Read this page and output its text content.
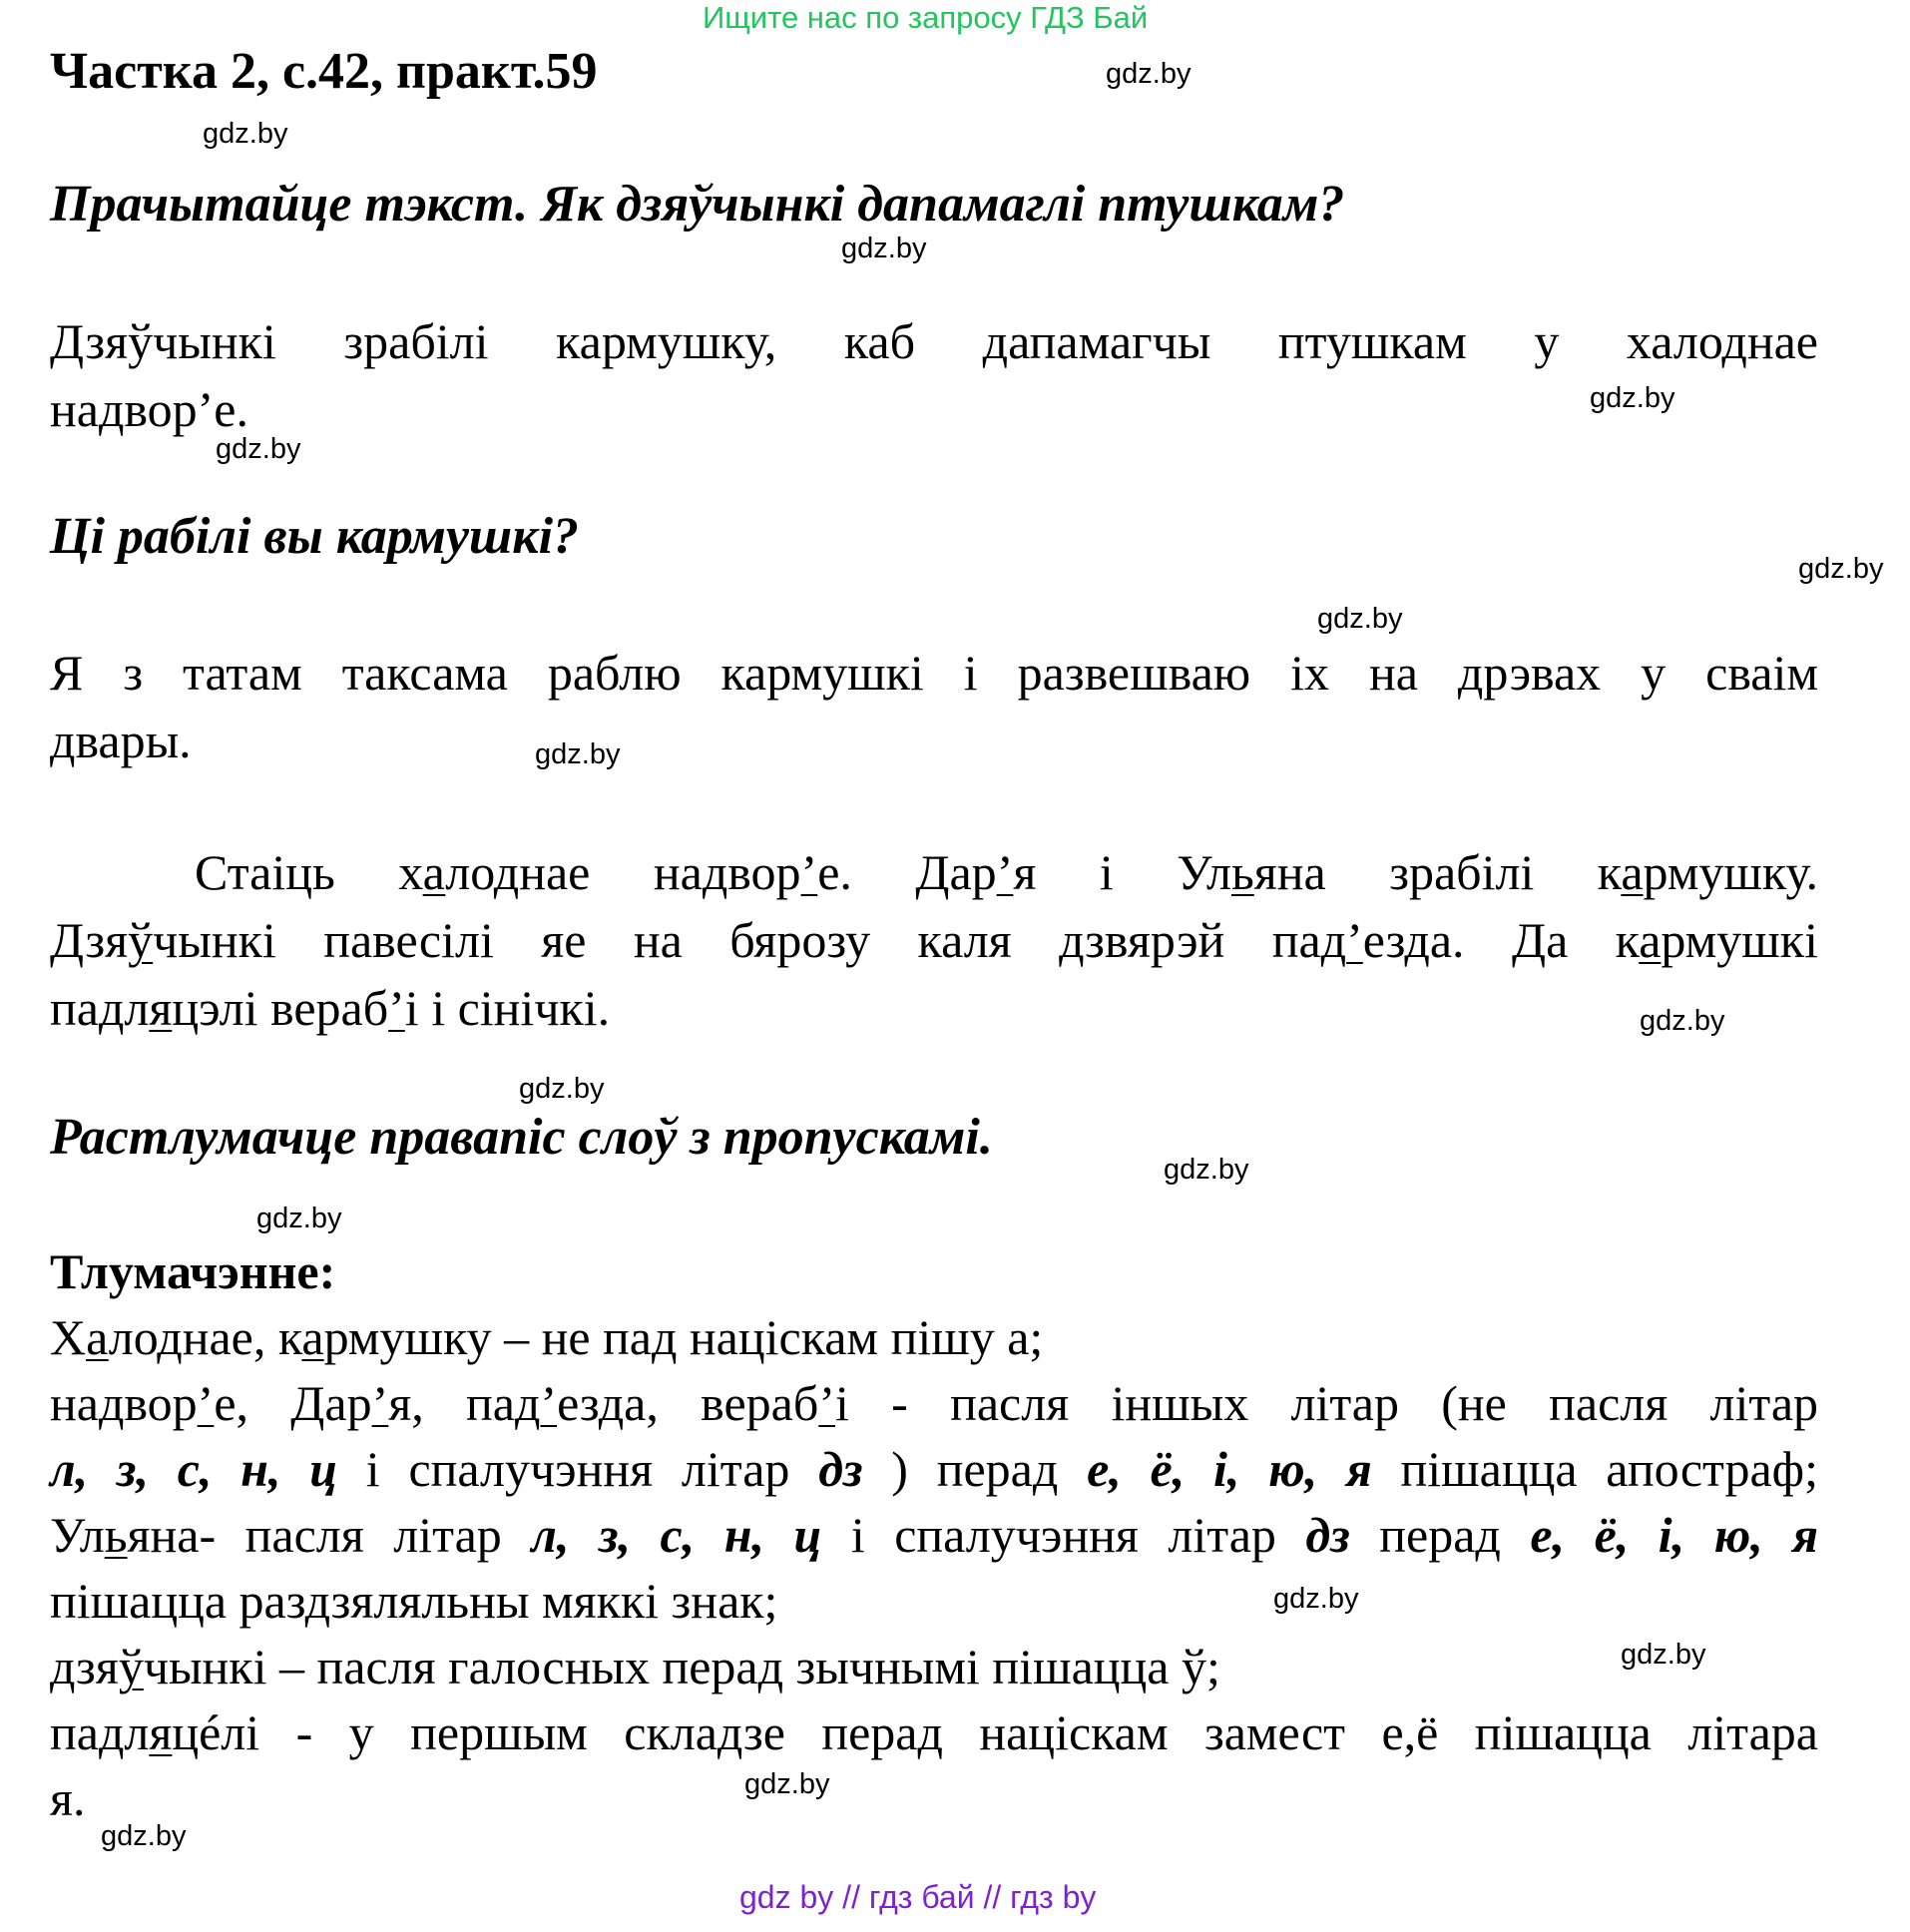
Ищите нас по запросу ГДЗ Бай
Частка 2, с.42, практ.59
Прачытайце тэкст. Як дзяўчынкі дапамаглі птушкам?
Дзяўчынкі зрабілі кармушку, каб дапамагчы птушкам у халоднае
надвор’е.
Ці рабілі вы кармушкі?
Я з татам таксама раблю кармушкі і развешваю іх на дрэвах у сваім
двары.
Стаіць халоднае надвор’е. Дар’я і Ульяна зрабілі кармушку.
Дзяўчынкі павесілі яе на бярозу каля дзвярэй пад’езда. Да кармушкі
падляцэлі вераб’і і сінічкі.
Растлумачце правапіс слоў з пропускамі.
Тлумачэнне:
Халоднае, кармушку – не пад націскам пішу а;
надвор’е, Дар’я, пад’езда, вераб’і - пасля іншых літар (не пасля літар
л, з, с, н, ц і спалучэння літар дз ) перад е, ё, і, ю, я пішацца апостраф;
Ульяна- пасля літар л, з, с, н, ц і спалучэння літар дз перад е, ё, і, ю, я
пішацца раздзяляльны мяккі знак;
дзяўчынкі – пасля галосных перад зычнымі пішацца ў;
падляцéлі - у першым складзе перад націскам замест е,ё пішацца літара
я.
gdz.by
gdz.by
gdz.by
gdz.by
gdz.by
gdz.by
gdz.by
gdz.by
gdz.by
gdz.by
gdz.by
gdz.by
gdz.by
gdz.by
gdz.by
gdz.by
gdz by // гдз бай // гдз by
